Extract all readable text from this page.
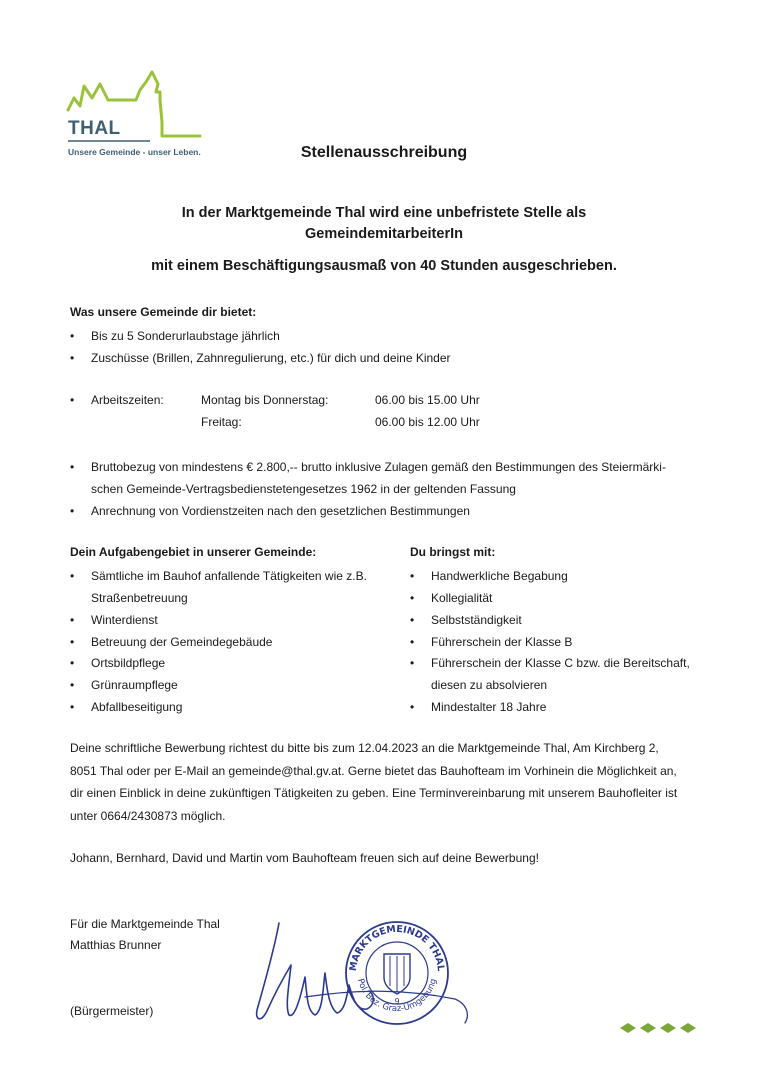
THAL
Unsere Gemeinde - unser Leben.	Stellenausschreibung
In der Marktgemeinde Thal wird eine unbefristete Stelle als
GemeindemitarbeiterIn
mit einem Beschäftigungsausmaß von 40 Stunden ausgeschrieben.
Was unsere Gemeinde dir bietet:
• Bis zu 5 Sonderurlaubstage jährlich
• Zuschüsse (Brillen, Zahnregulierung, etc.) für dich und deine Kinder
• Arbeitszeiten:	Montag bis Donnerstag:	06.00 bis 15.00 Uhr
Freitag:	06.00 bis 12.00 Uhr
• Bruttobezug von mindestens € 2.800,-- brutto inklusive Zulagen gemäß den Bestimmungen des Steiermärki-
schen Gemeinde-Vertragsbedienstetengesetzes 1962 in der geltenden Fassung
• Anrechnung von Vordienstzeiten nach den gesetzlichen Bestimmungen
Dein Aufgabengebiet in unserer Gemeinde:
• Sämtliche im Bauhof anfallende Tätigkeiten wie z.B.
Straßenbetreuung
• Winterdienst
• Betreuung der Gemeindegebäude
• Ortsbildpflege
• Grünraumpflege
• Abfallbeseitigung
Du bringst mit:
• Handwerkliche Begabung
• Kollegialität
• Selbstständigkeit
• Führerschein der Klasse B
• Führerschein der Klasse C bzw. die Bereitschaft,
diesen zu absolvieren
• Mindestalter 18 Jahre
Deine schriftliche Bewerbung richtest du bitte bis zum 12.04.2023 an die Marktgemeinde Thal, Am Kirchberg 2,
8051 Thal oder per E-Mail an gemeinde@thal.gv.at. Gerne bietet das Bauhofteam im Vorhinein die Möglichkeit an,
dir einen Einblick in deine zukünftigen Tätigkeiten zu geben. Eine Terminvereinbarung mit unserem Bauhofleiter ist
unter 0664/2430873 möglich.
Johann, Bernhard, David und Martin vom Bauhofteam freuen sich auf deine Bewerbung!
Für die Marktgemeinde Thal
Matthias Brunner
(Bürgermeister)
MARKTGEMEINDE THAL
Pol. Bez. Graz-Umgebung
9
